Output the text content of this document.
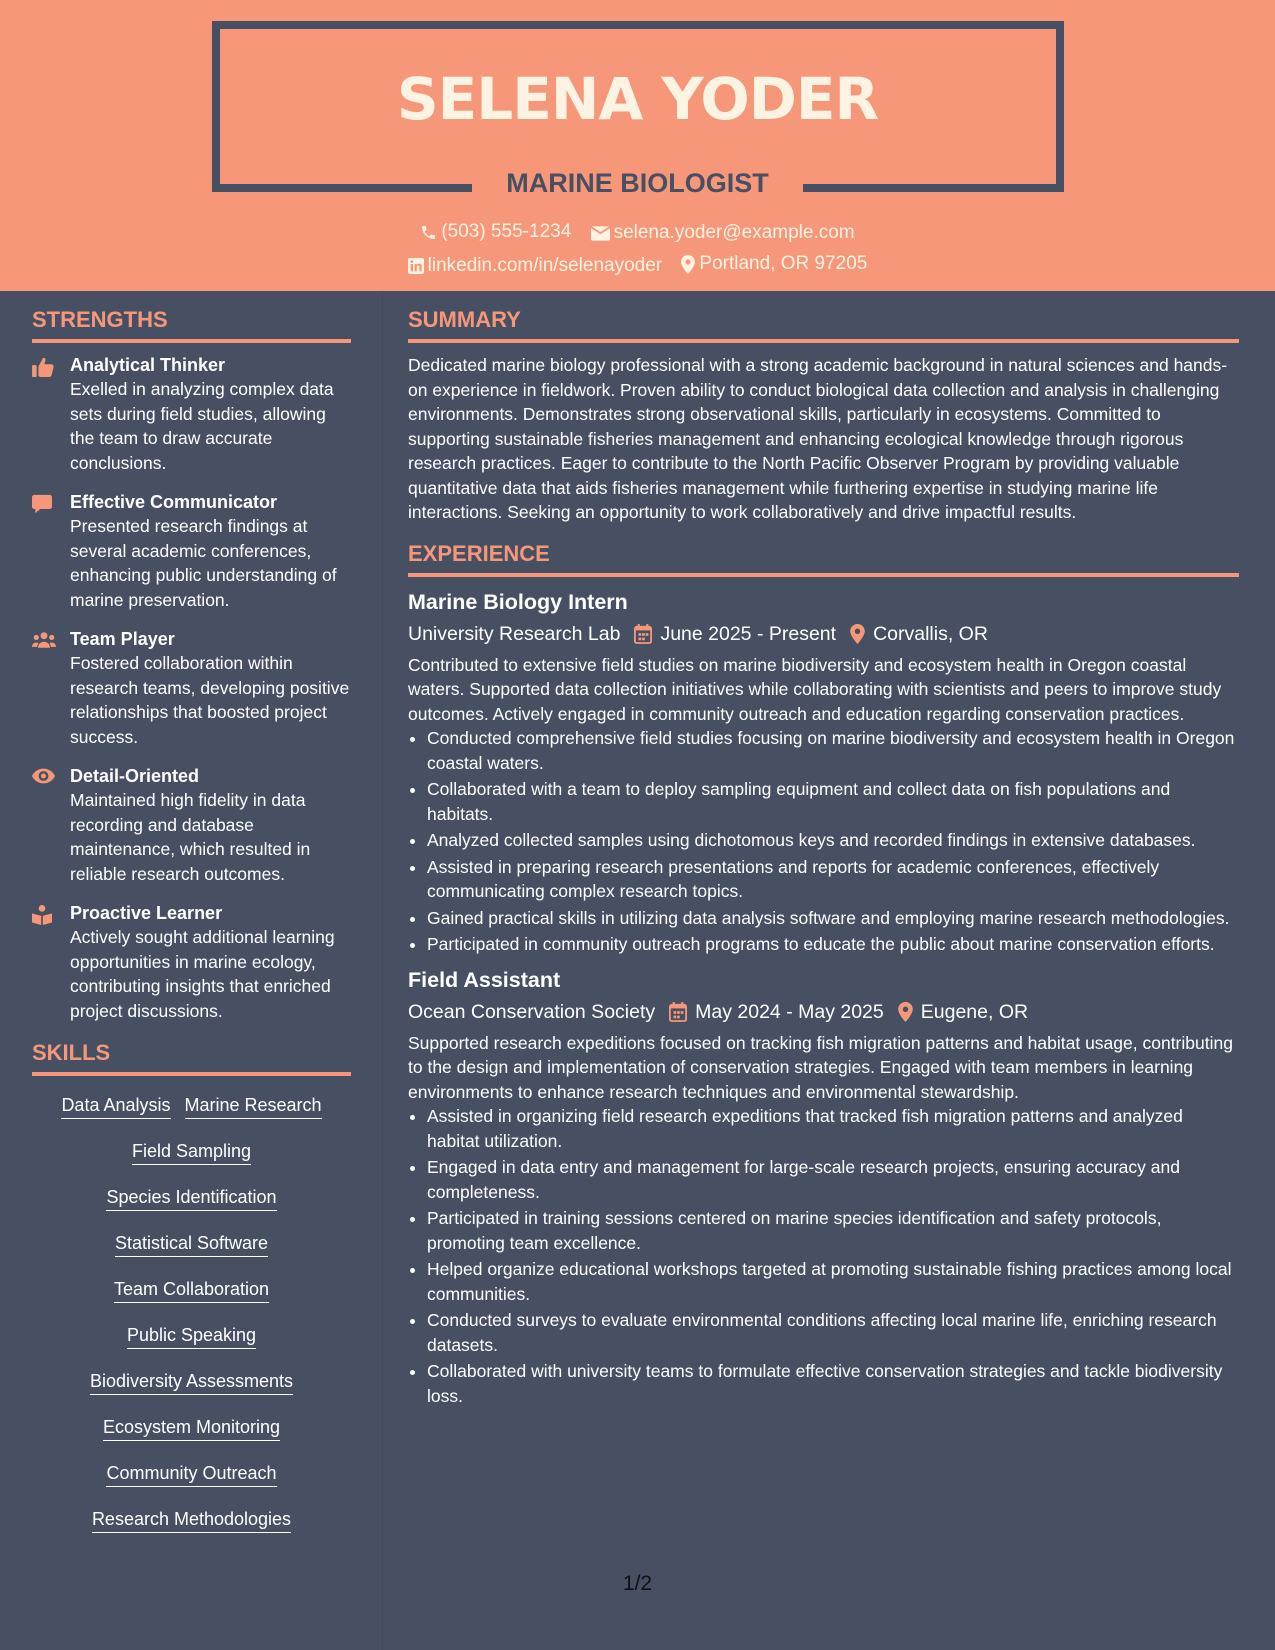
SELENA YODER
MARINE BIOLOGIST
(503) 555-1234
selena.yoder@example.com
linkedin.com/in/selenayoder
Portland, OR 97205
STRENGTHS
Analytical Thinker
Exelled in analyzing complex data sets during field studies, allowing the team to draw accurate conclusions.
Effective Communicator
Presented research findings at several academic conferences, enhancing public understanding of marine preservation.
Team Player
Fostered collaboration within research teams, developing positive relationships that boosted project success.
Detail-Oriented
Maintained high fidelity in data recording and database maintenance, which resulted in reliable research outcomes.
Proactive Learner
Actively sought additional learning opportunities in marine ecology, contributing insights that enriched project discussions.
SKILLS
Data Analysis Marine Research
Field Sampling
Species Identification
Statistical Software
Team Collaboration
Public Speaking
Biodiversity Assessments
Ecosystem Monitoring
Community Outreach
Research Methodologies
SUMMARY
Dedicated marine biology professional with a strong academic background in natural sciences and hands-on experience in fieldwork. Proven ability to conduct biological data collection and analysis in challenging environments. Demonstrates strong observational skills, particularly in ecosystems. Committed to supporting sustainable fisheries management and enhancing ecological knowledge through rigorous research practices. Eager to contribute to the North Pacific Observer Program by providing valuable quantitative data that aids fisheries management while furthering expertise in studying marine life interactions. Seeking an opportunity to work collaboratively and drive impactful results.
EXPERIENCE
Marine Biology Intern
University Research Lab June 2025 - Present Corvallis, OR
Contributed to extensive field studies on marine biodiversity and ecosystem health in Oregon coastal waters. Supported data collection initiatives while collaborating with scientists and peers to improve study outcomes. Actively engaged in community outreach and education regarding conservation practices.
• Conducted comprehensive field studies focusing on marine biodiversity and ecosystem health in Oregon coastal waters.
• Collaborated with a team to deploy sampling equipment and collect data on fish populations and habitats.
• Analyzed collected samples using dichotomous keys and recorded findings in extensive databases.
• Assisted in preparing research presentations and reports for academic conferences, effectively communicating complex research topics.
• Gained practical skills in utilizing data analysis software and employing marine research methodologies.
• Participated in community outreach programs to educate the public about marine conservation efforts.
Field Assistant
Ocean Conservation Society May 2024 - May 2025 Eugene, OR
Supported research expeditions focused on tracking fish migration patterns and habitat usage, contributing to the design and implementation of conservation strategies. Engaged with team members in learning environments to enhance research techniques and environmental stewardship.
• Assisted in organizing field research expeditions that tracked fish migration patterns and analyzed habitat utilization.
• Engaged in data entry and management for large-scale research projects, ensuring accuracy and completeness.
• Participated in training sessions centered on marine species identification and safety protocols, promoting team excellence.
• Helped organize educational workshops targeted at promoting sustainable fishing practices among local communities.
• Conducted surveys to evaluate environmental conditions affecting local marine life, enriching research datasets.
• Collaborated with university teams to formulate effective conservation strategies and tackle biodiversity loss.
1/2
